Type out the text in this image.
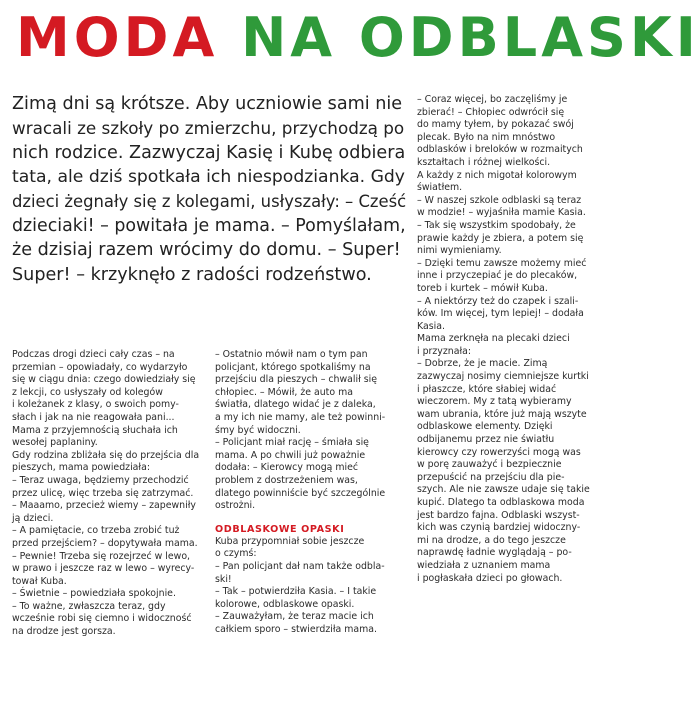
MODA NA ODBLASKI

Zimą dni są krótsze. Aby uczniowie sami nie

wracali ze szkoły po zmierzchu, przychodzą po

nich rodzice. Zazwyczaj Kasię i Kubę odbiera

tata, ale dziś spotkała ich niespodzianka. Gdy

dzieci żegnały się z kolegami, usłyszały: – Cześć

dzieciaki! – powitała je mama. – Pomyślałam,

że dzisiaj razem wrócimy do domu. – Super!

Super! – krzyknęło z radości rodzeństwo.

Podczas drogi dzieci cały czas – na

przemian – opowiadały, co wydarzyło

się w ciągu dnia: czego dowiedziały się

z lekcji, co usłyszały od kolegów

i koleżanek z klasy, o swoich pomy-

słach i jak na nie reagowała pani...

Mama z przyjemnością słuchała ich

wesołej paplaniny.

Gdy rodzina zbliżała się do przejścia dla

pieszych, mama powiedziała:

– Teraz uwaga, będziemy przechodzić

przez ulicę, więc trzeba się zatrzymać.

– Maaamo, przecież wiemy – zapewniły

ją dzieci.

– A pamiętacie, co trzeba zrobić tuż

przed przejściem? – dopytywała mama.

– Pewnie! Trzeba się rozejrzeć w lewo,

w prawo i jeszcze raz w lewo – wyrecy-

tował Kuba.

– Świetnie – powiedziała spokojnie.

– To ważne, zwłaszcza teraz, gdy

wcześnie robi się ciemno i widoczność

na drodze jest gorsza.

– Ostatnio mówił nam o tym pan

policjant, którego spotkaliśmy na

przejściu dla pieszych – chwalił się

chłopiec. – Mówił, że auto ma

światła, dlatego widać je z daleka,

a my ich nie mamy, ale też powinni-

śmy być widoczni.

– Policjant miał rację – śmiała się

mama. A po chwili już poważnie

dodała: – Kierowcy mogą mieć

problem z dostrzeżeniem was,

dlatego powinniście być szczególnie

ostrożni.

ODBLASKOWE OPASKI

Kuba przypomniał sobie jeszcze

o czymś:

– Pan policjant dał nam także odbla-

ski!

– Tak – potwierdziła Kasia. – I takie

kolorowe, odblaskowe opaski.

– Zauważyłam, że teraz macie ich

całkiem sporo – stwierdziła mama.

– Coraz więcej, bo zaczęliśmy je

zbierać! – Chłopiec odwrócił się

do mamy tyłem, by pokazać swój

plecak. Było na nim mnóstwo

odblasków i breloków w rozmaitych

kształtach i różnej wielkości.

A każdy z nich migotał kolorowym

światłem.

– W naszej szkole odblaski są teraz

w modzie! – wyjaśniła mamie Kasia.

– Tak się wszystkim spodobały, że

prawie każdy je zbiera, a potem się

nimi wymieniamy.

– Dzięki temu zawsze możemy mieć

inne i przyczepiać je do plecaków,

toreb i kurtek – mówił Kuba.

– A niektórzy też do czapek i szali-

ków. Im więcej, tym lepiej! – dodała

Kasia.

Mama zerknęła na plecaki dzieci

i przyznała:

– Dobrze, że je macie. Zimą

zazwyczaj nosimy ciemniejsze kurtki

i płaszcze, które słabiej widać

wieczorem. My z tatą wybieramy

wam ubrania, które już mają wszyte

odblaskowe elementy. Dzięki

odbijanemu przez nie światłu

kierowcy czy rowerzyści mogą was

w porę zauważyć i bezpiecznie

przepuścić na przejściu dla pie-

szych. Ale nie zawsze udaje się takie

kupić. Dlatego ta odblaskowa moda

jest bardzo fajna. Odblaski wszyst-

kich was czynią bardziej widoczny-

mi na drodze, a do tego jeszcze

naprawdę ładnie wyglądają – po-

wiedziała z uznaniem mama

i pogłaskała dzieci po głowach.
